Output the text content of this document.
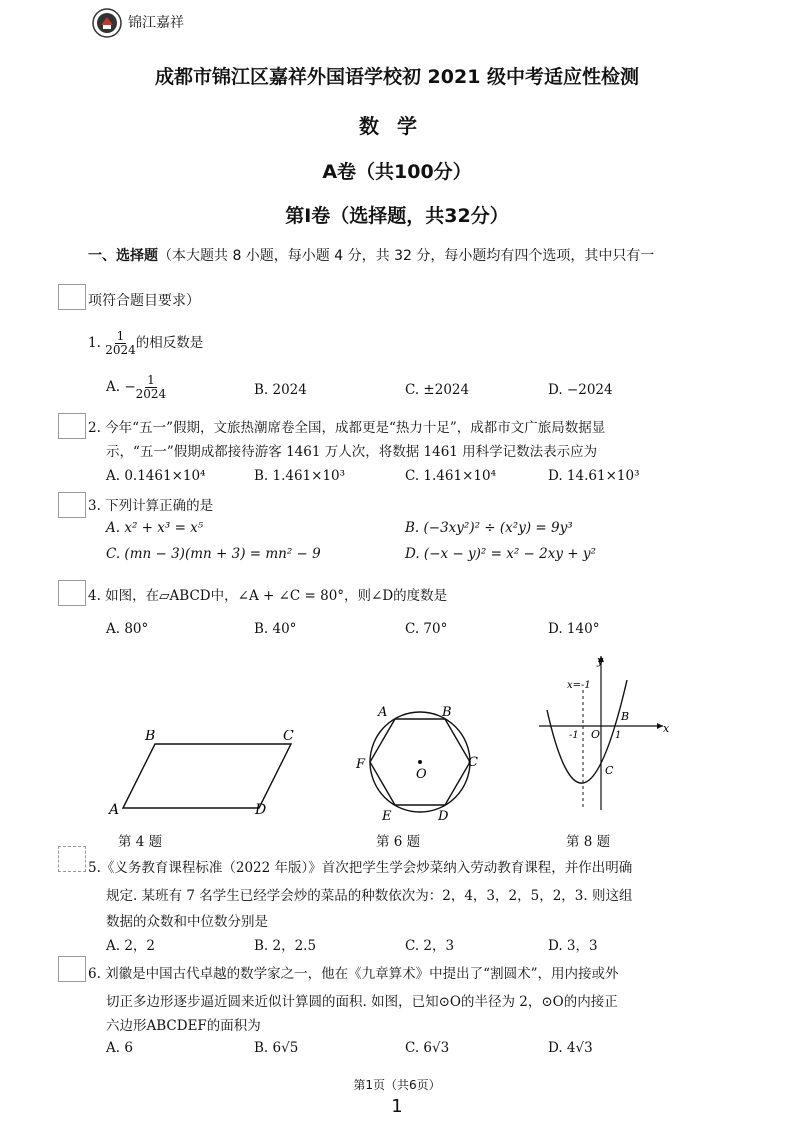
锦江嘉祥
成都市锦江区嘉祥外国语学校初 2021 级中考适应性检测
数学
A卷（共100分）
第Ⅰ卷（选择题，共32分）
一、选择题（本大题共 8 小题，每小题 4 分，共 32 分，每小题均有四个选项，其中只有一
项符合题目要求）
1. $\frac{1}{2024}$ 的相反数是
A. − $\frac{1}{2024}$	B. 2024	C. ±2024	D. −2024
2. 今年“五一”假期，文旅热潮席卷全国，成都更是“热力十足”，成都市文广旅局数据显
示，“五一”假期成都接待游客 1461 万人次，将数据 1461 用科学记数法表示应为
A. 0.1461×10⁴	B. 1.461×10³	C. 1.461×10⁴	D. 14.61×10³
3. 下列计算正确的是
A. x² + x³ = x⁵	B. (−3xy²)² ÷ (x²y) = 9y³
C. (mn − 3)(mn + 3) = mn² − 9	D. (−x − y)² = x² − 2xy + y²
4. 如图，在▱ABCD中，∠A + ∠C = 80°，则∠D的度数是
A. 80°	B. 40°	C. 70°	D. 140°
A
B	C
D
第 4 题
A	B
C
D
E
F
O
第 6 题
y
x
x=-1
-1 O 1
B
C
第 8 题
5.《义务教育课程标准（2022 年版）》首次把学生学会炒菜纳入劳动教育课程，并作出明确
规定. 某班有 7 名学生已经学会炒的菜品的种数依次为：2，4，3，2，5，2，3. 则这组
数据的众数和中位数分别是
A. 2，2	B. 2，2.5	C. 2，3	D. 3，3
6. 刘徽是中国古代卓越的数学家之一，他在《九章算术》中提出了“割圆术”，用内接或外
切正多边形逐步逼近圆来近似计算圆的面积. 如图，已知⊙O的半径为 2，⊙O的内接正
六边形ABCDEF的面积为
A. 6	B. 6√5	C. 6√3	D. 4√3
第1页（共6页）
1
